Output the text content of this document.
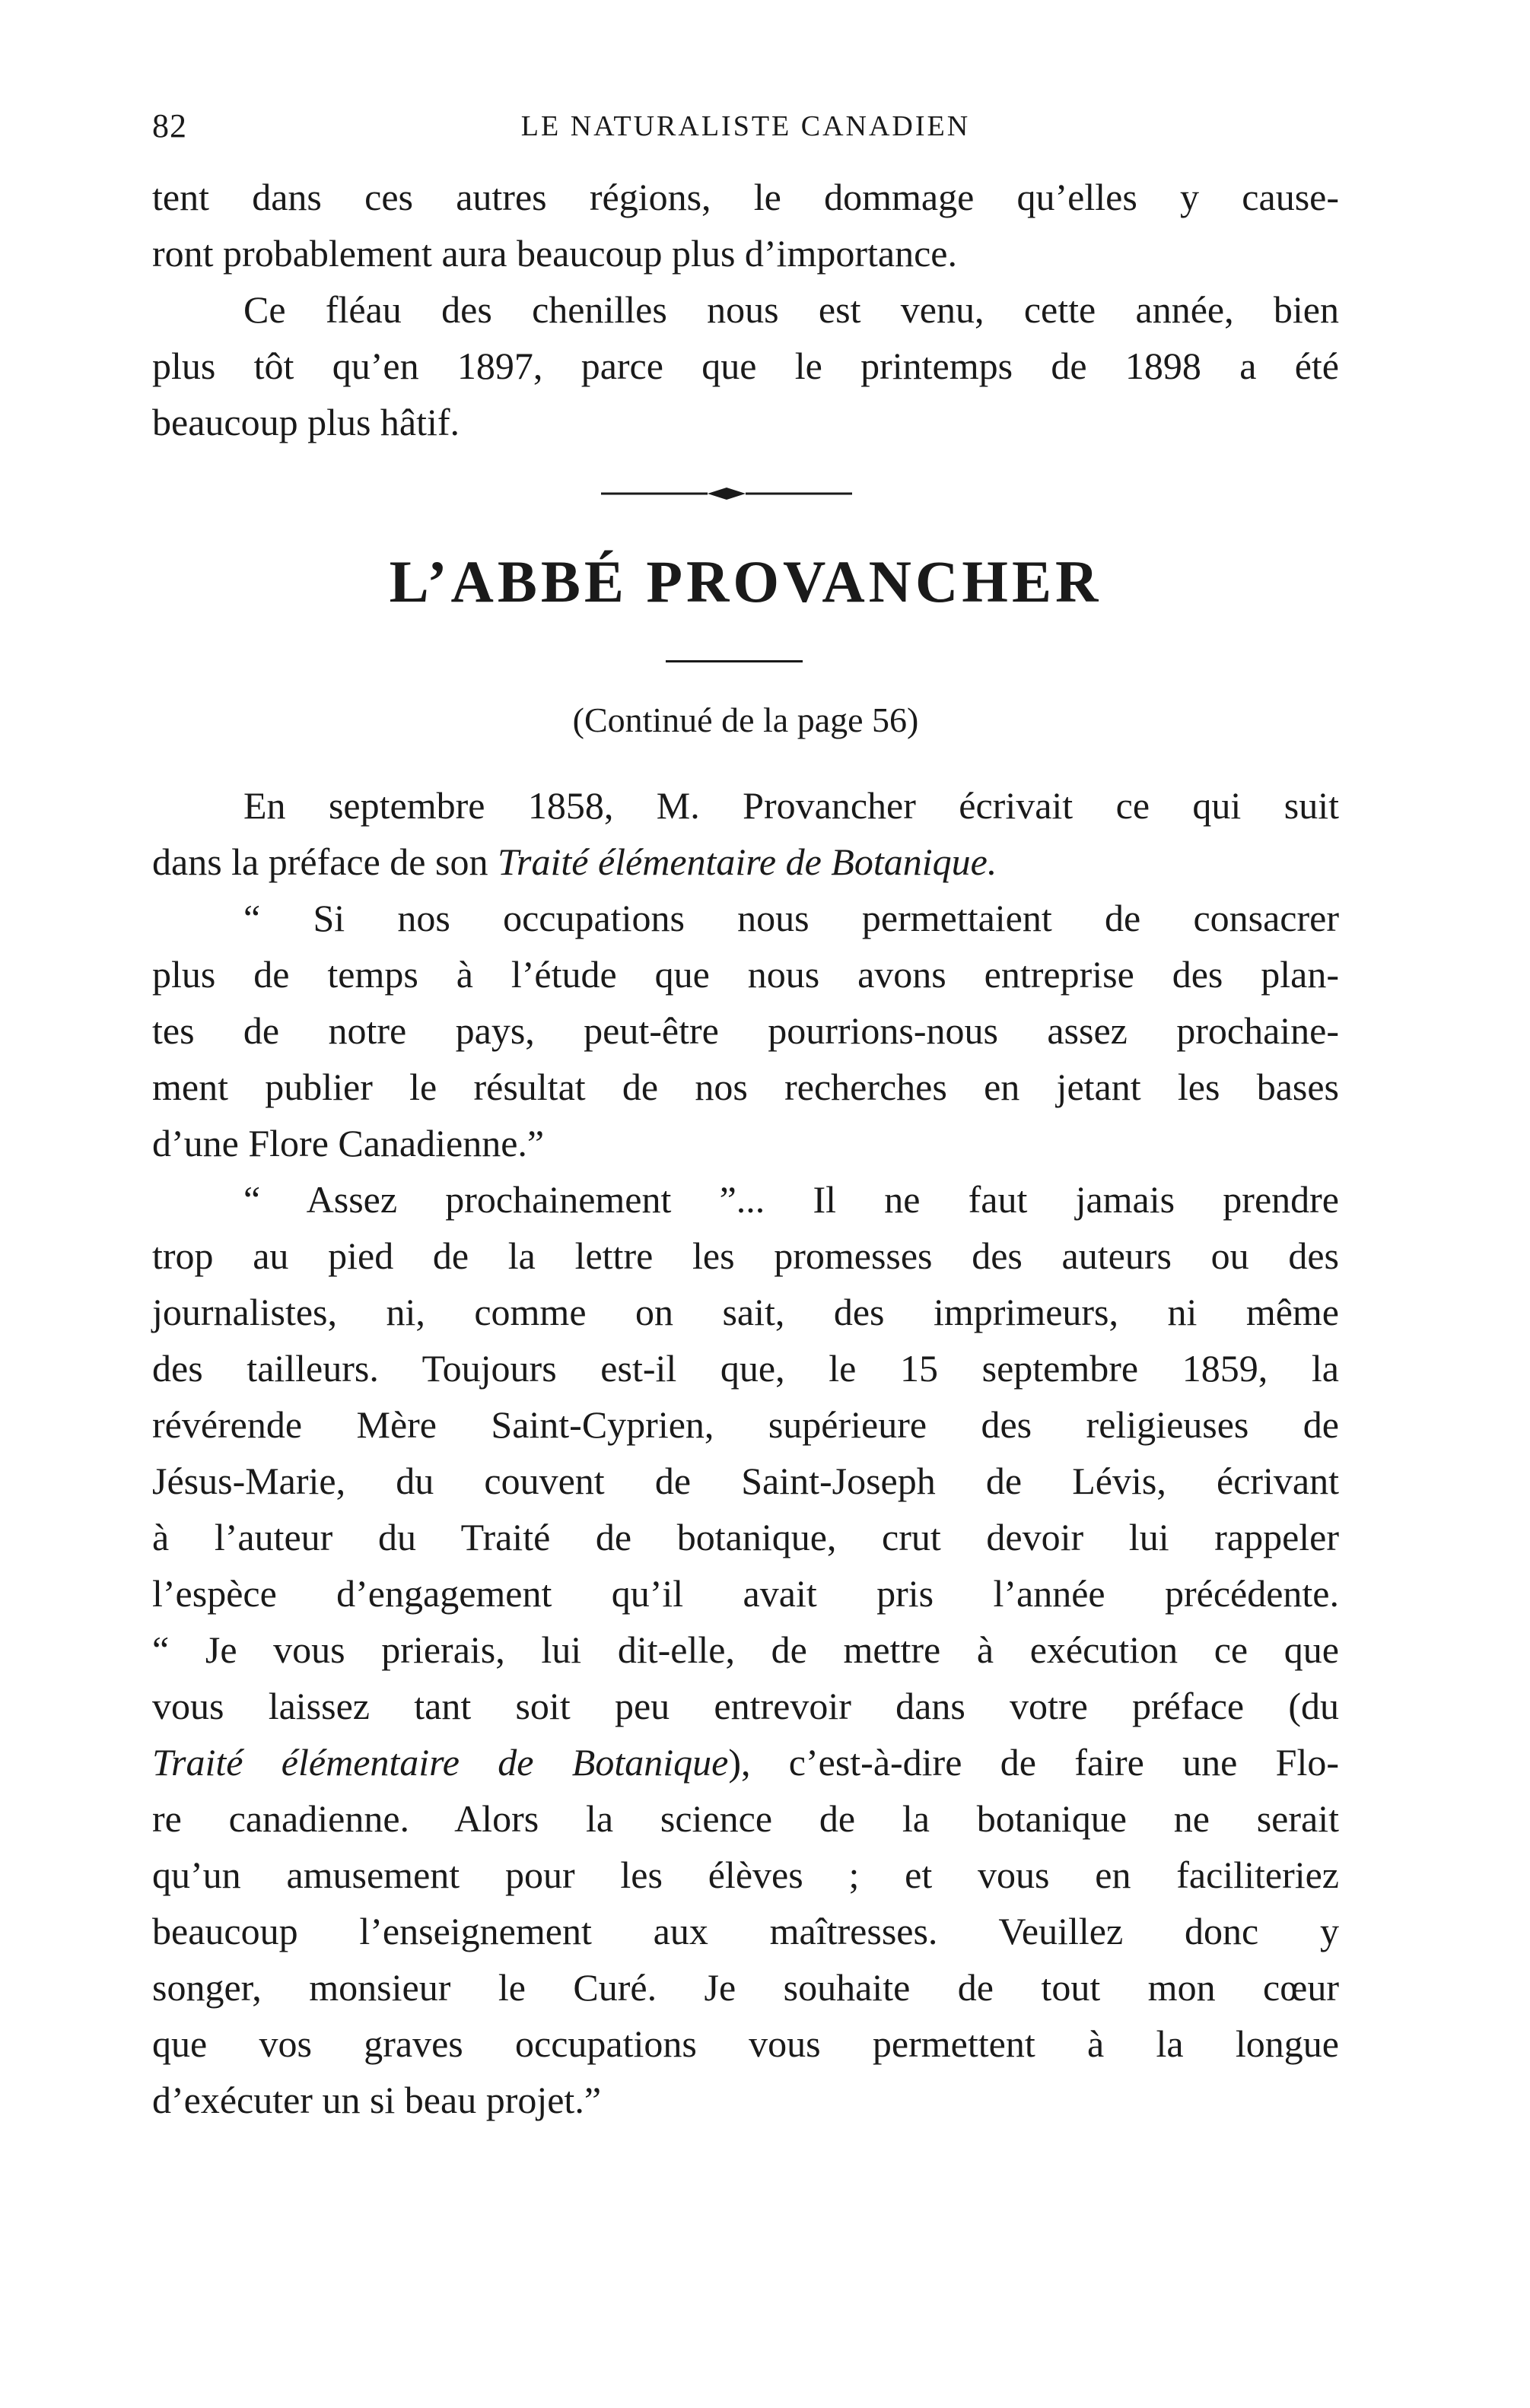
82	LE NATURALISTE CANADIEN
tent dans ces autres régions, le dommage qu’elles y cause-
ront probablement aura beaucoup plus d’importance.
Ce fléau des chenilles nous est venu, cette année, bien
plus tôt qu’en 1897, parce que le printemps de 1898 a été
beaucoup plus hâtif.
L’ABBÉ PROVANCHER
(Continué de la page 56)
En septembre 1858, M. Provancher écrivait ce qui suit
dans la préface de son Traité élémentaire de Botanique.
“ Si nos occupations nous permettaient de consacrer
plus de temps à l’étude que nous avons entreprise des plan-
tes de notre pays, peut-être pourrions-nous assez prochaine-
ment publier le résultat de nos recherches en jetant les bases
d’une Flore Canadienne.”
“ Assez prochainement ”... Il ne faut jamais prendre
trop au pied de la lettre les promesses des auteurs ou des
journalistes, ni, comme on sait, des imprimeurs, ni même
des tailleurs. Toujours est-il que, le 15 septembre 1859, la
révérende Mère Saint-Cyprien, supérieure des religieuses de
Jésus-Marie, du couvent de Saint-Joseph de Lévis, écrivant
à l’auteur du Traité de botanique, crut devoir lui rappeler
l’espèce d’engagement qu’il avait pris l’année précédente.
“ Je vous prierais, lui dit-elle, de mettre à exécution ce que
vous laissez tant soit peu entrevoir dans votre préface (du
Traité élémentaire de Botanique), c’est-à-dire de faire une Flo-
re canadienne. Alors la science de la botanique ne serait
qu’un amusement pour les élèves ; et vous en faciliteriez
beaucoup l’enseignement aux maîtresses. Veuillez donc y
songer, monsieur le Curé. Je souhaite de tout mon cœur
que vos graves occupations vous permettent à la longue
d’exécuter un si beau projet.”
